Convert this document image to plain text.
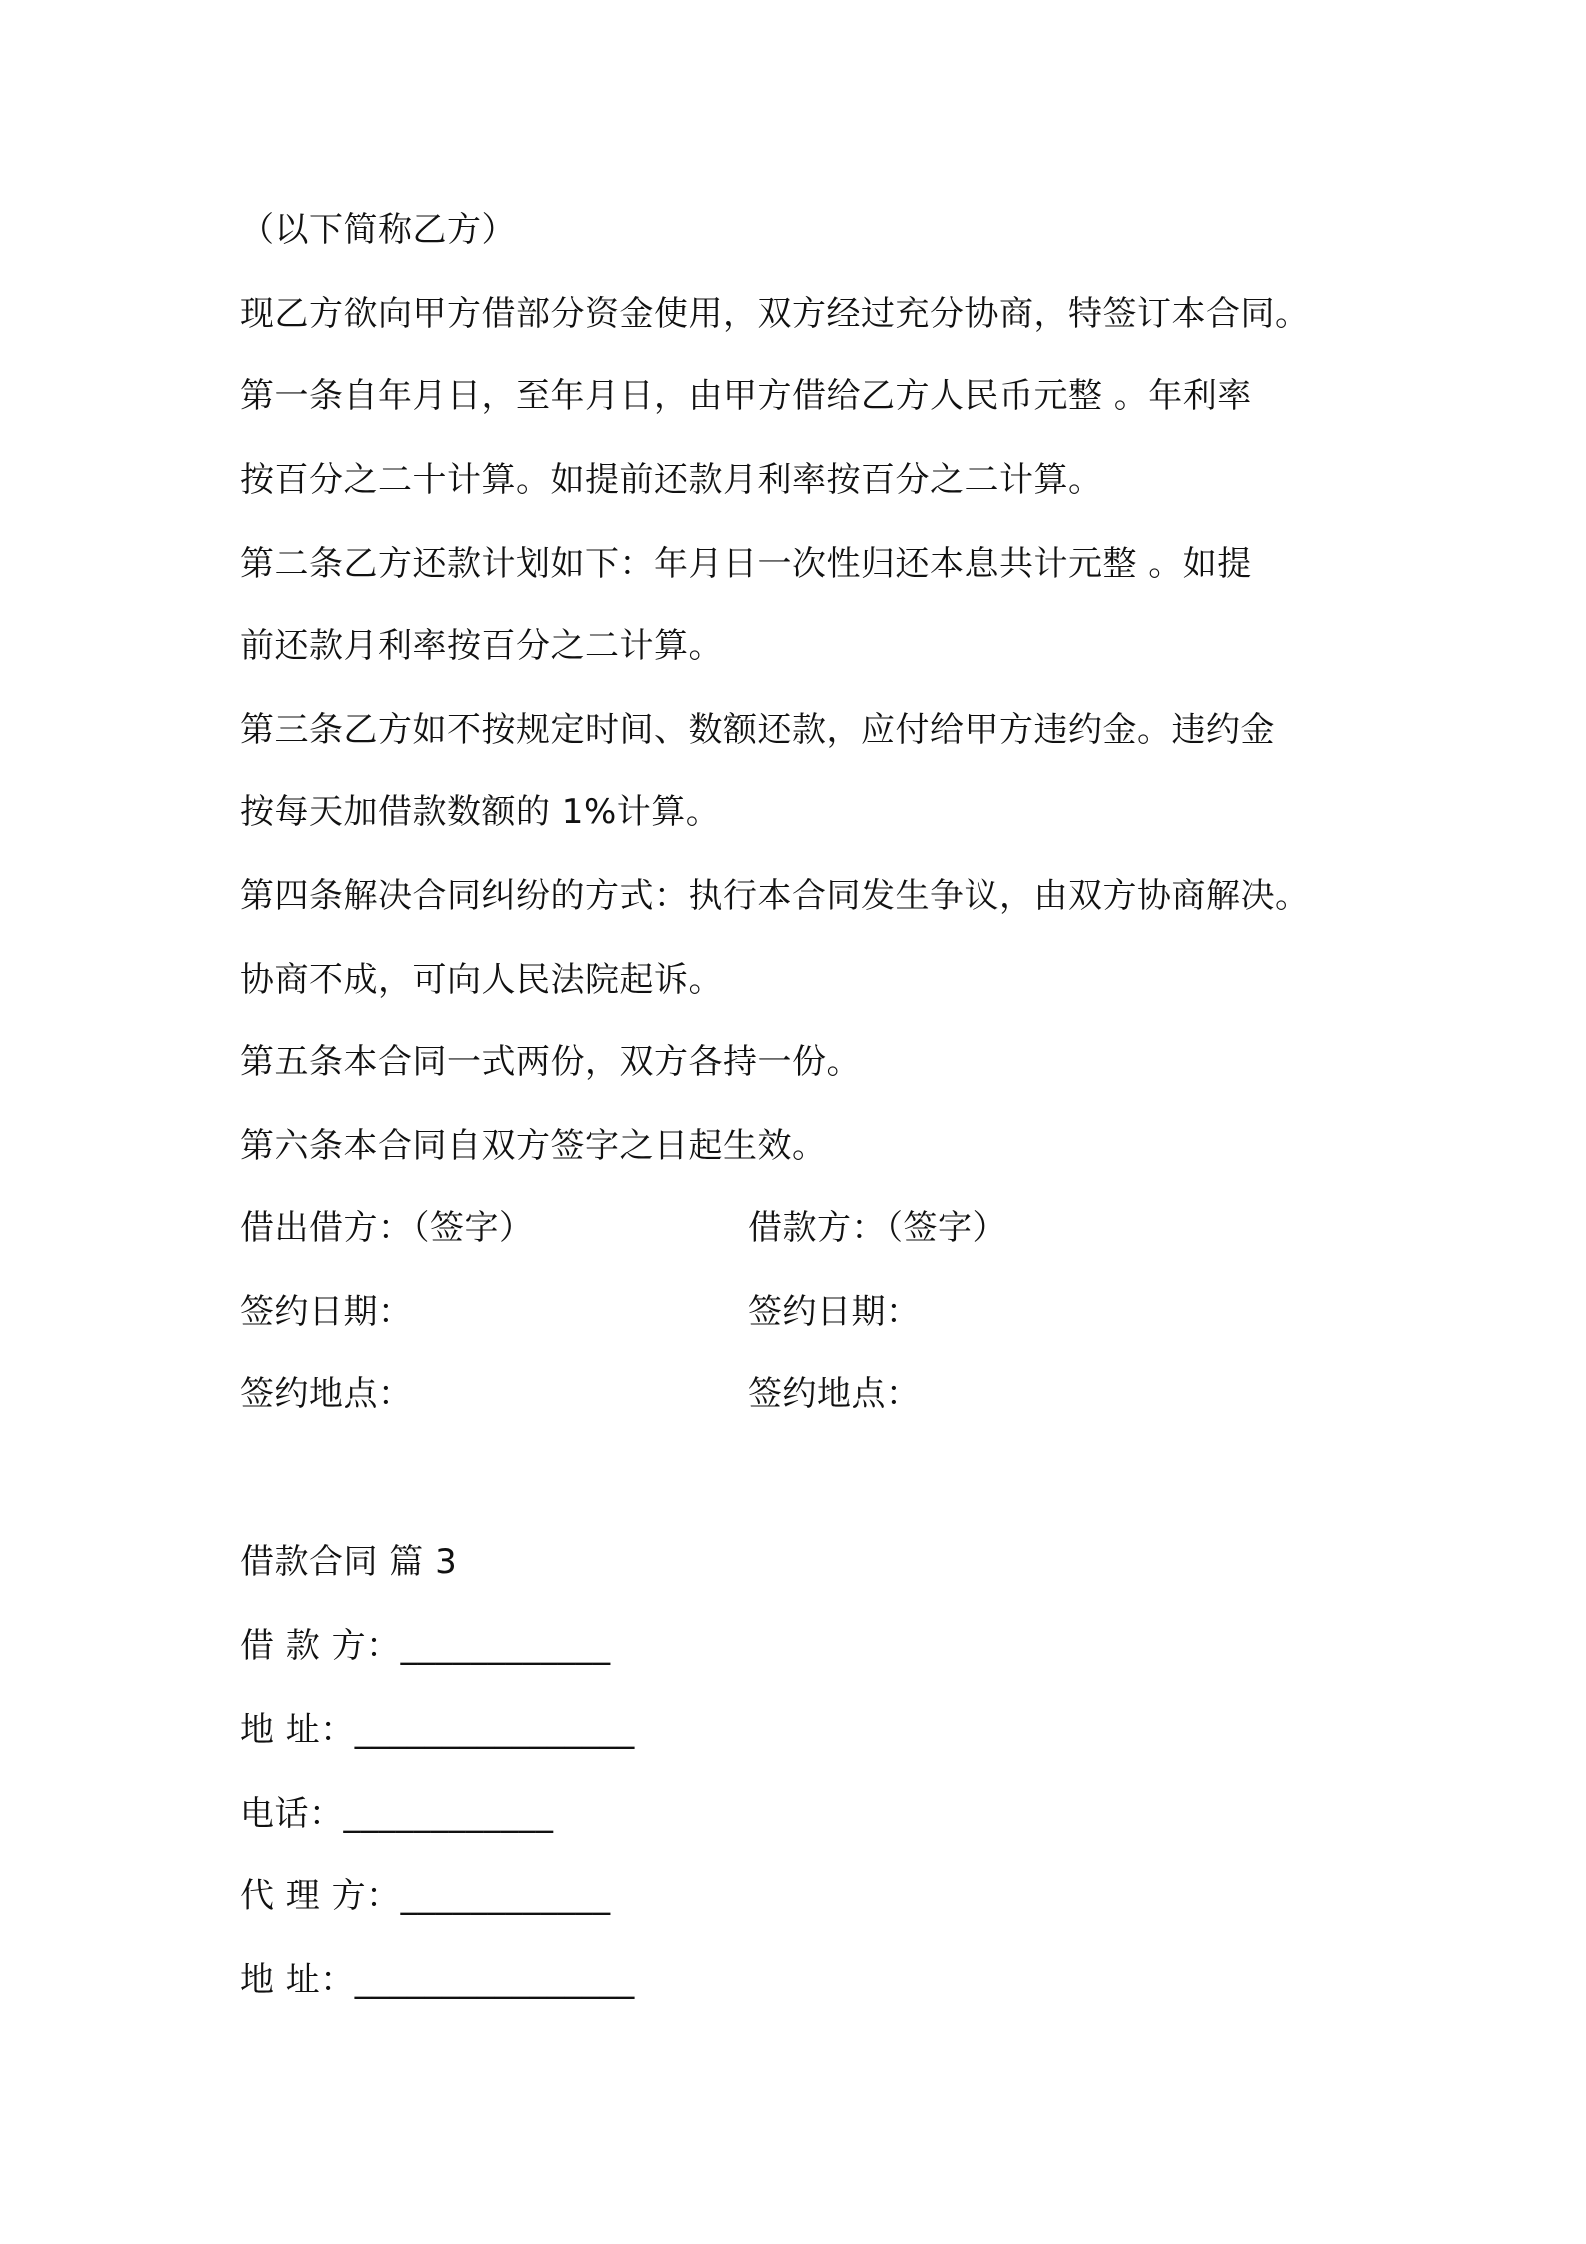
（以下简称乙方）
现乙方欲向甲方借部分资金使用，双方经过充分协商，特签订本合同。
第一条自年月日，至年月日，由甲方借给乙方人民币元整 。年利率
按百分之二十计算。如提前还款月利率按百分之二计算。
第二条乙方还款计划如下：年月日一次性归还本息共计元整 。如提
前还款月利率按百分之二计算。
第三条乙方如不按规定时间、数额还款，应付给甲方违约金。违约金
按每天加借款数额的 1%计算。
第四条解决合同纠纷的方式：执行本合同发生争议，由双方协商解决。
协商不成，可向人民法院起诉。
第五条本合同一式两份，双方各持一份。
第六条本合同自双方签字之日起生效。
借出借方：（签字）	借款方：（签字）
签约日期：	签约日期：
签约地点：	签约地点：
借款合同 篇 3
借 款 方：____________
地 址：________________
电话：____________
代 理 方：____________
地 址：________________
